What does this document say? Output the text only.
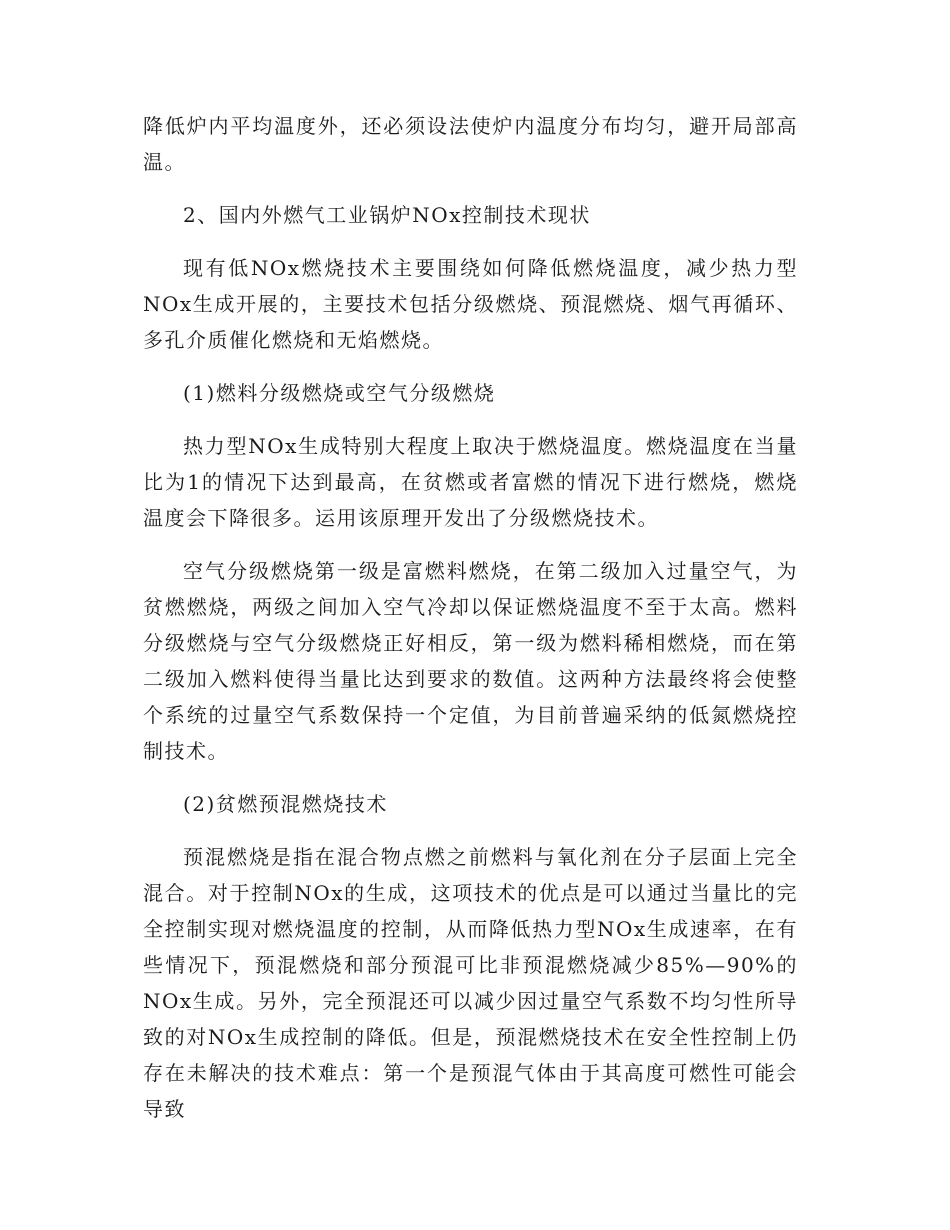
降低炉内平均温度外，还必须设法使炉内温度分布均匀，避开局部高温。

2、国内外燃气工业锅炉NOx控制技术现状

现有低NOx燃烧技术主要围绕如何降低燃烧温度，减少热力型NOx生成开展的，主要技术包括分级燃烧、预混燃烧、烟气再循环、多孔介质催化燃烧和无焰燃烧。

(1)燃料分级燃烧或空气分级燃烧

热力型NOx生成特别大程度上取决于燃烧温度。燃烧温度在当量比为1的情况下达到最高，在贫燃或者富燃的情况下进行燃烧，燃烧温度会下降很多。运用该原理开发出了分级燃烧技术。

空气分级燃烧第一级是富燃料燃烧，在第二级加入过量空气，为贫燃燃烧，两级之间加入空气冷却以保证燃烧温度不至于太高。燃料分级燃烧与空气分级燃烧正好相反，第一级为燃料稀相燃烧，而在第二级加入燃料使得当量比达到要求的数值。这两种方法最终将会使整个系统的过量空气系数保持一个定值，为目前普遍采纳的低氮燃烧控制技术。

(2)贫燃预混燃烧技术

预混燃烧是指在混合物点燃之前燃料与氧化剂在分子层面上完全混合。对于控制NOx的生成，这项技术的优点是可以通过当量比的完全控制实现对燃烧温度的控制，从而降低热力型NOx生成速率，在有些情况下，预混燃烧和部分预混可比非预混燃烧减少85%—90%的NOx生成。另外，完全预混还可以减少因过量空气系数不均匀性所导致的对NOx生成控制的降低。但是，预混燃烧技术在安全性控制上仍存在未解决的技术难点：第一个是预混气体由于其高度可燃性可能会导致
